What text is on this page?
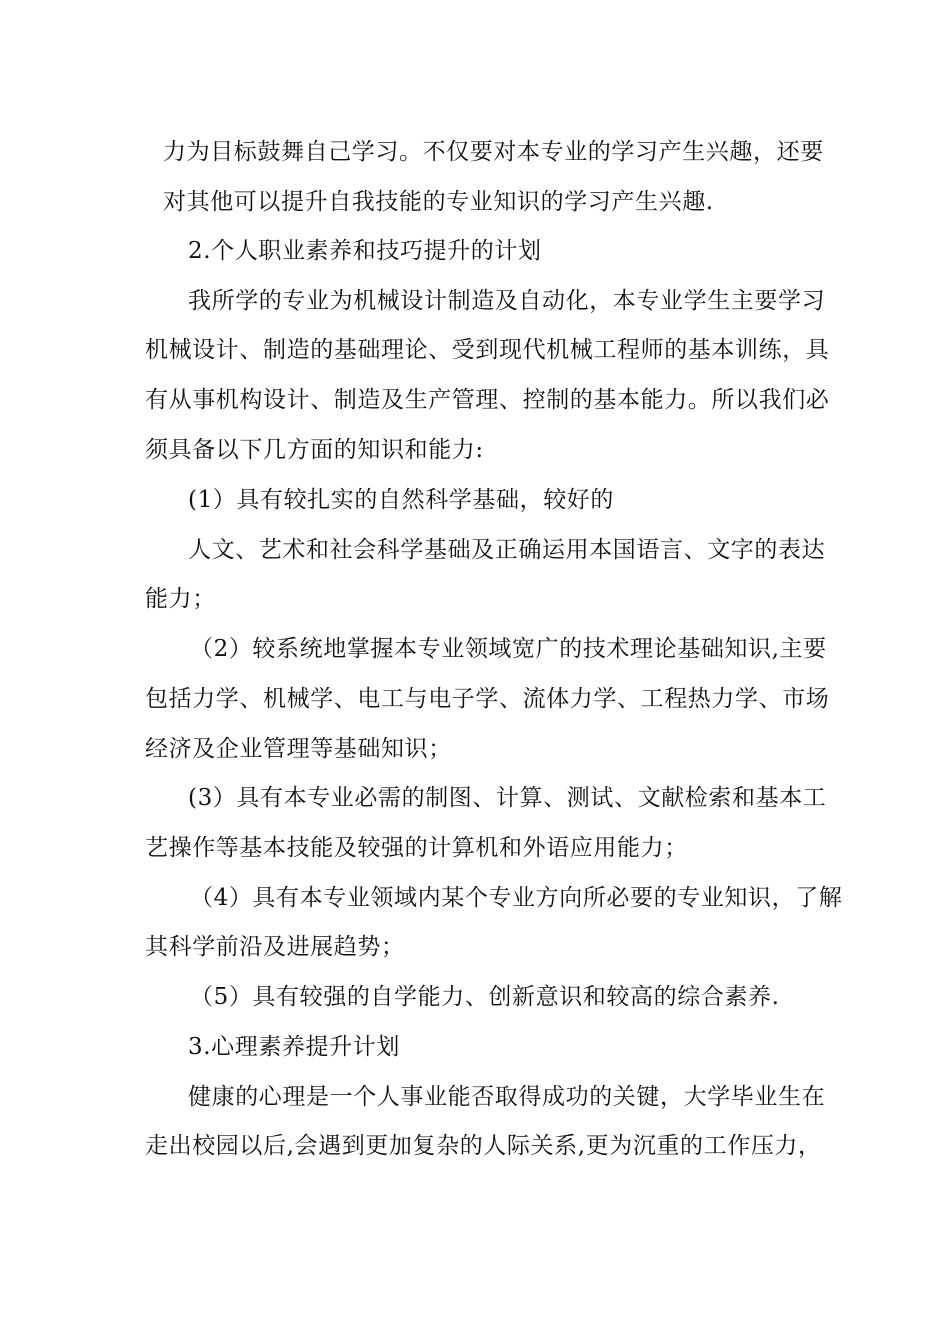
力为目标鼓舞自己学习。不仅要对本专业的学习产生兴趣，还要
对其他可以提升自我技能的专业知识的学习产生兴趣.
2.个人职业素养和技巧提升的计划
我所学的专业为机械设计制造及自动化，本专业学生主要学习
机械设计、制造的基础理论、受到现代机械工程师的基本训练，具
有从事机构设计、制造及生产管理、控制的基本能力。所以我们必
须具备以下几方面的知识和能力:
(1）具有较扎实的自然科学基础，较好的
人文、艺术和社会科学基础及正确运用本国语言、文字的表达
能力；
（2）较系统地掌握本专业领域宽广的技术理论基础知识,主要
包括力学、机械学、电工与电子学、流体力学、工程热力学、市场
经济及企业管理等基础知识；
(3）具有本专业必需的制图、计算、测试、文献检索和基本工
艺操作等基本技能及较强的计算机和外语应用能力；
（4）具有本专业领域内某个专业方向所必要的专业知识，了解
其科学前沿及进展趋势；
（5）具有较强的自学能力、创新意识和较高的综合素养.
3.心理素养提升计划
健康的心理是一个人事业能否取得成功的关键，大学毕业生在
走出校园以后,会遇到更加复杂的人际关系,更为沉重的工作压力，
